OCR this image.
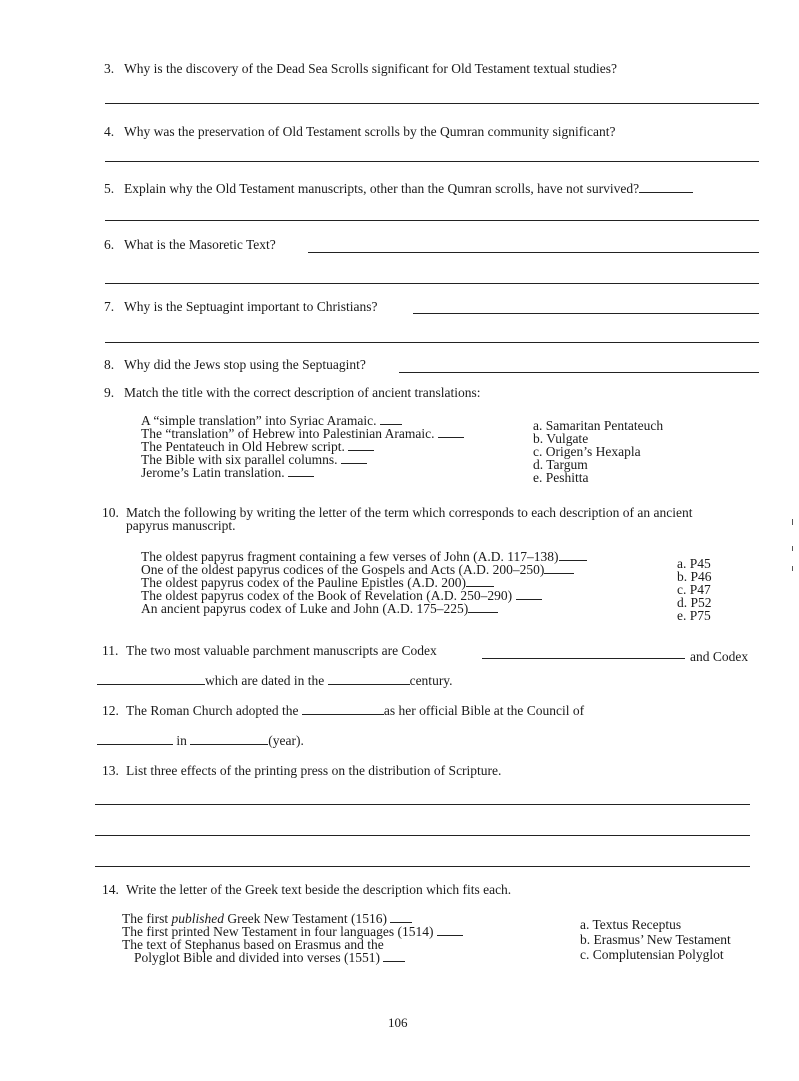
3. Why is the discovery of the Dead Sea Scrolls significant for Old Testament textual studies?
4. Why was the preservation of Old Testament scrolls by the Qumran community significant?
5. Explain why the Old Testament manuscripts, other than the Qumran scrolls, have not survived?
6. What is the Masoretic Text?
7. Why is the Septuagint important to Christians?
8. Why did the Jews stop using the Septuagint?
9. Match the title with the correct description of ancient translations:
A “simple translation” into Syriac Aramaic.
The “translation” of Hebrew into Palestinian Aramaic.
The Pentateuch in Old Hebrew script.
The Bible with six parallel columns.
Jerome’s Latin translation.
a. Samaritan Pentateuch
b. Vulgate
c. Origen’s Hexapla
d. Targum
e. Peshitta
10. Match the following by writing the letter of the term which corresponds to each description of an ancient
papyrus manuscript.
The oldest papyrus fragment containing a few verses of John (A.D. 117–138)
One of the oldest papyrus codices of the Gospels and Acts (A.D. 200–250)
The oldest papyrus codex of the Pauline Epistles (A.D. 200)
The oldest papyrus codex of the Book of Revelation (A.D. 250–290)
An ancient papyrus codex of Luke and John (A.D. 175–225)
a. P45
b. P46
c. P47
d. P52
e. P75
11. The two most valuable parchment manuscripts are Codex	and Codex
which are dated in the	century.
12. The Roman Church adopted the	as her official Bible at the Council of
in	(year).
13. List three effects of the printing press on the distribution of Scripture.
14. Write the letter of the Greek text beside the description which fits each.
The first published Greek New Testament (1516)
The first printed New Testament in four languages (1514)
The text of Stephanus based on Erasmus and the
Polyglot Bible and divided into verses (1551)
a. Textus Receptus
b. Erasmus’ New Testament
c. Complutensian Polyglot
106
